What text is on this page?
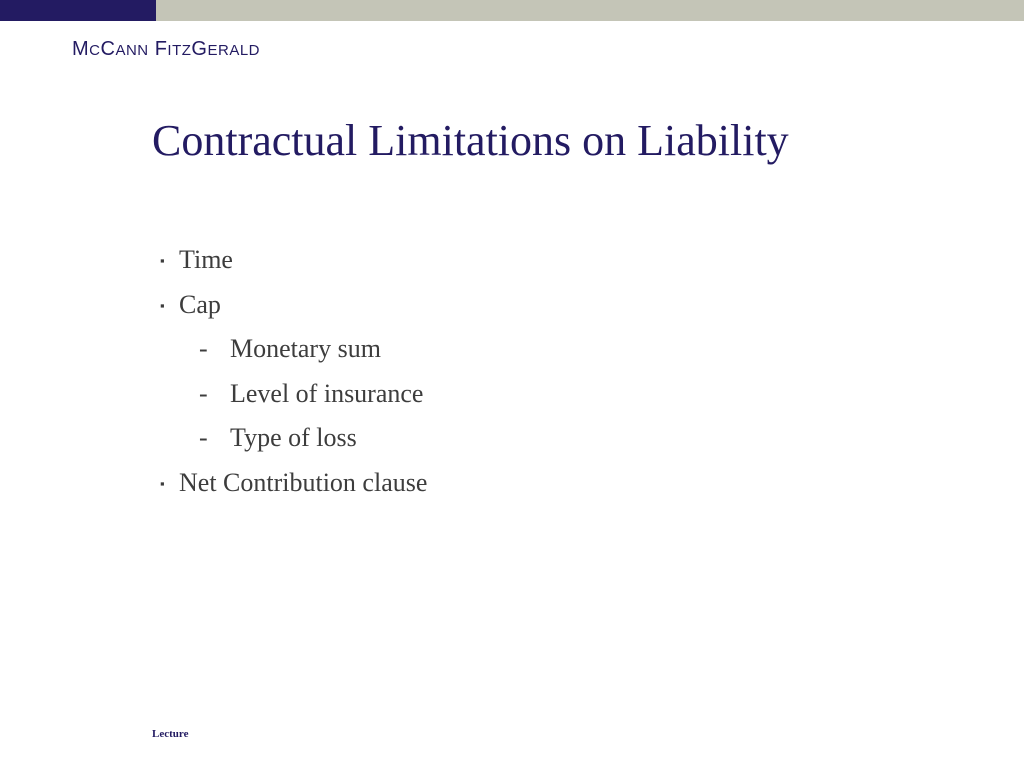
MCCANN FITZGERALD
Contractual Limitations on Liability
▪ Time
▪ Cap
- Monetary sum
- Level of insurance
- Type of loss
▪ Net Contribution clause
Lecture
